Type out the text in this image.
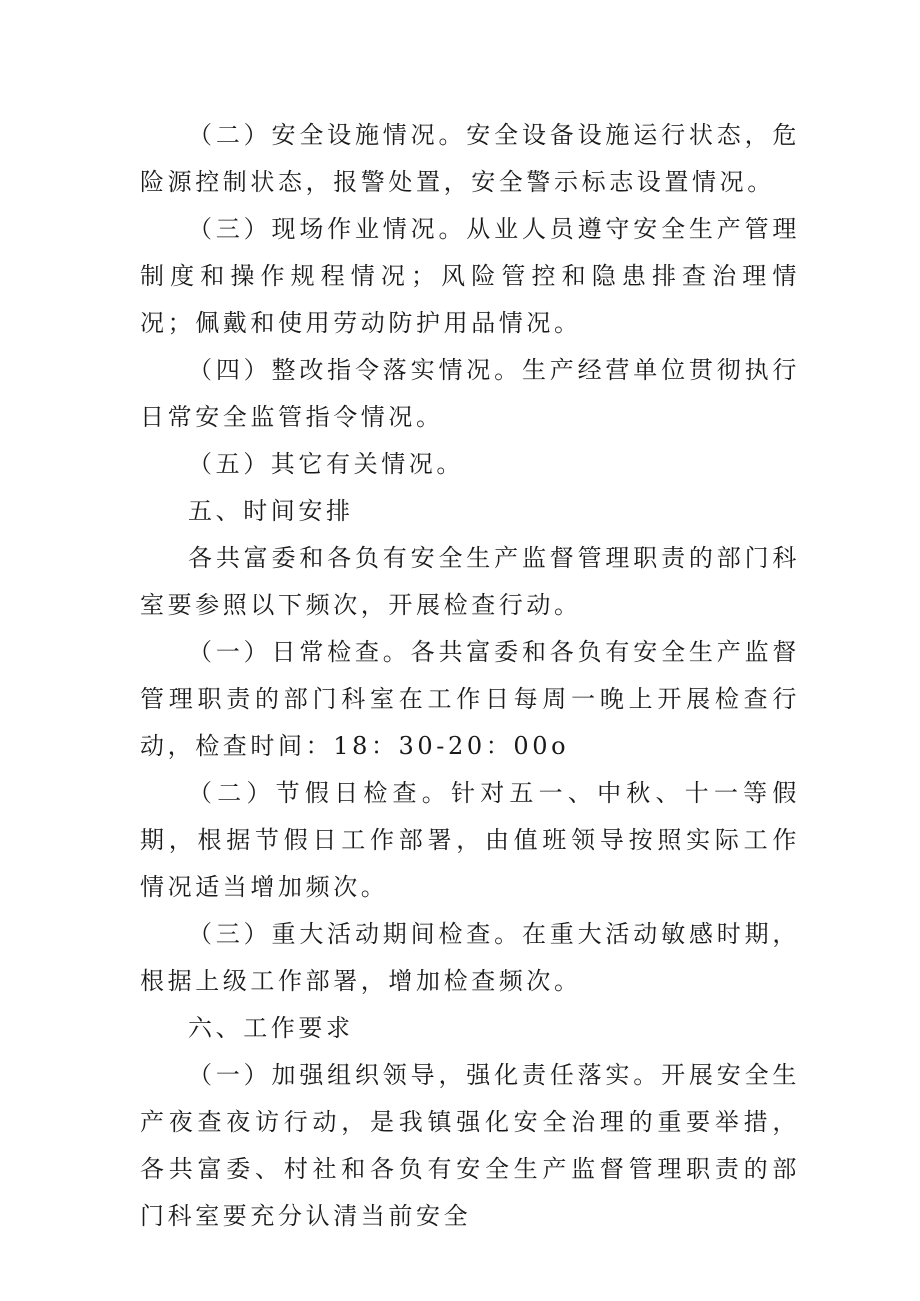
（二）安全设施情况。安全设备设施运行状态，危险源控制状态，报警处置，安全警示标志设置情况。

（三）现场作业情况。从业人员遵守安全生产管理制度和操作规程情况；风险管控和隐患排查治理情况；佩戴和使用劳动防护用品情况。

（四）整改指令落实情况。生产经营单位贯彻执行日常安全监管指令情况。

（五）其它有关情况。

五、时间安排

各共富委和各负有安全生产监督管理职责的部门科室要参照以下频次，开展检查行动。

（一）日常检查。各共富委和各负有安全生产监督管理职责的部门科室在工作日每周一晚上开展检查行动，检查时间：18：30-20：00o

（二）节假日检查。针对五一、中秋、十一等假期，根据节假日工作部署，由值班领导按照实际工作情况适当增加频次。

（三）重大活动期间检查。在重大活动敏感时期，根据上级工作部署，增加检查频次。

六、工作要求

（一）加强组织领导，强化责任落实。开展安全生产夜查夜访行动，是我镇强化安全治理的重要举措，各共富委、村社和各负有安全生产监督管理职责的部门科室要充分认清当前安全
